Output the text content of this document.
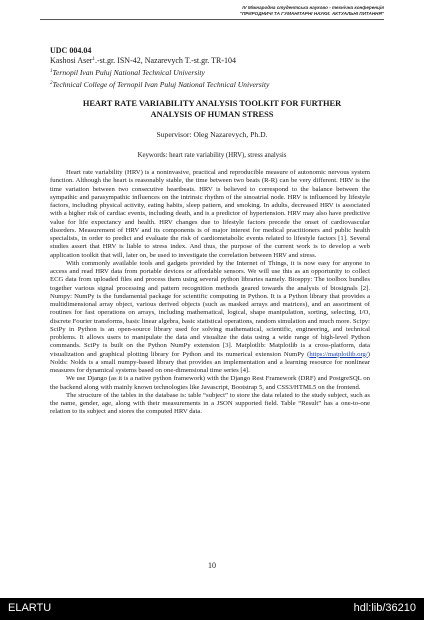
IV Міжнародна студентська науково - технічна конференція
"ПРИРОДНИЧІ ТА ГУМАНІТАРНІ НАУКИ. АКТУАЛЬНІ ПИТАННЯ"
UDC 004.04
Kashosi Aser$^1$.-st.gr. ISN-42, Nazarevych T.-st.gr. TR-104
$^1$Ternopil Ivan Puluj National Technical University
$^2$Technical College of Ternopil Ivan Puluj National Technical University
HEART RATE VARIABILITY ANALYSIS TOOLKIT FOR FURTHER
ANALYSIS OF HUMAN STRESS
Supervisor: Oleg Nazarevych, Ph.D.
Keywords: heart rate variability (HRV), stress analysis

Heart rate variability (HRV) is a noninvasive, practical and reproducible measure of autonomic nervous system function. Although the heart is reasonably stable, the time between two beats (R-R) can be very different. HRV is the time variation between two consecutive heartbeats. HRV is believed to correspond to the balance between the sympathic and parasympathic influences on the intrinsic rhythm of the sinoatrial node. HRV is influenced by lifestyle factors, including physical activity, eating habits, sleep pattern, and smoking. In adults, decreased HRV is associated with a higher risk of cardiac events, including death, and is a predictor of hypertension. HRV may also have predictive value for life expectancy and health. HRV changes due to lifestyle factors precede the onset of cardiovascular disorders. Measurement of HRV and its components is of major interest for medical practitioners and public health specialists, in order to predict and evaluate the risk of cardiometabolic events related to lifestyle factors [1]. Several studies assert that HRV is liable to stress index. And thus, the purpose of the current work is to develop a web application toolkit that will, later on, be used to investigate the correlation between HRV and stress.

With commonly available tools and gadgets provided by the Internet of Things, it is now easy for anyone to access and read HRV data from portable devices or affordable sensors. We will use this as an opportunity to collect ECG data from uploaded files and process them using several python libraries namely. Biosppy: The toolbox bundles together various signal processing and pattern recognition methods geared towards the analysis of biosignals [2]. Numpy: NumPy is the fundamental package for scientific computing in Python. It is a Python library that provides a multidimensional array object, various derived objects (such as masked arrays and matrices), and an assortment of routines for fast operations on arrays, including mathematical, logical, shape manipulation, sorting, selecting, I/O, discrete Fourier transforms, basic linear algebra, basic statistical operations, random simulation and much more. Scipy: SciPy in Python is an open-source library used for solving mathematical, scientific, engineering, and technical problems. It allows users to manipulate the data and visualize the data using a wide range of high-level Python commands. SciPy is built on the Python NumPy extension [3]. Matplotlib: Matplotlib is a cross-platform, data visualization and graphical plotting library for Python and its numerical extension NumPy (https://matplotlib.org/) Nolds: Nolds is a small numpy-based library that provides an implementation and a learning resource for nonlinear measures for dynamical systems based on one-dimensional time series [4].

We use Django (as it is a native python framework) with the Django Rest Framework (DRF) and PostgreSQL on the backend along with mainly known technologies like Javascript, Bootstrap 5, and CSS3/HTML5 on the frontend.

The structure of the tables in the database is: table “subject” to store the data related to the study subject, such as the name, gender, age, along with their measurements in a JSON supported field. Table “Result” has a one-to-one relation to its subject and stores the computed HRV data.

10
ELARTU	hdl:lib/36210
